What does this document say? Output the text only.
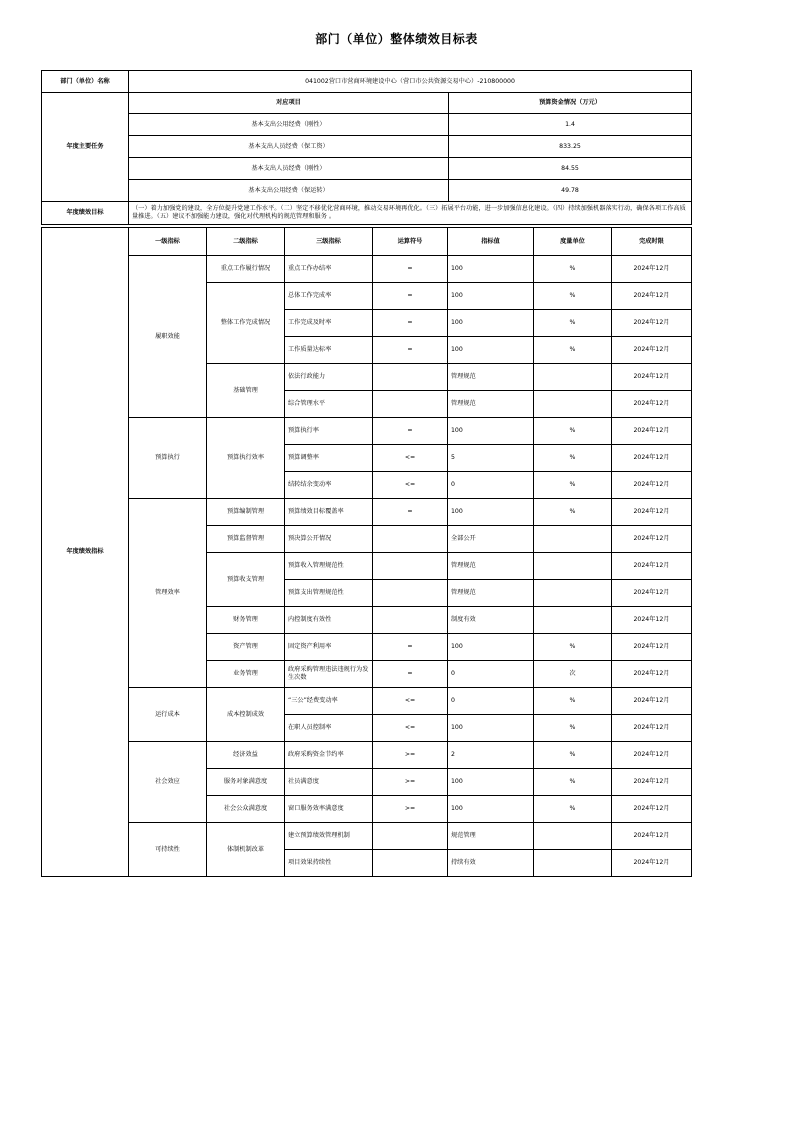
部门（单位）整体绩效目标表
部门（单位）名称	041002营口市营商环境建设中心（营口市公共资源交易中心）-210800000	
年度主要任务	对应项目	预算资金情况（万元）
	基本支出公用经费（刚性）	1.4
	基本支出人员经费（保工资）	833.25
	基本支出人员经费（刚性）	84.55
	基本支出公用经费（保运转）	49.78
年度绩效目标	（一）着力加强党的建设，全方位提升党建工作水平。（二）坚定不移优化营商环境，推动交易环境再优化。（三）拓展平台功能，进一步加强信息化建设。（四）持续加强机器落实行动，确保各项工作高质量推进。（五）建议不加强能力建设，强化对代理机构的规范管理和服务 。	
年度绩效指标	一级指标	二级指标	三级指标	运算符号	指标值	度量单位	完成时限
	履职效能	重点工作履行情况	重点工作办结率	=	100	%	2024年12月
		整体工作完成情况	总体工作完成率	=	100	%	2024年12月
			工作完成及时率	=	100	%	2024年12月
			工作质量达标率	=	100	%	2024年12月
		基础管理	依法行政能力		管理规范		2024年12月
			综合管理水平		管理规范		2024年12月
	预算执行	预算执行效率	预算执行率	=	100	%	2024年12月
			预算调整率	<=	5	%	2024年12月
			结转结余变动率	<=	0	%	2024年12月
	管理效率	预算编制管理	预算绩效目标覆盖率	=	100	%	2024年12月
		预算监督管理	预决算公开情况		全部公开		2024年12月
		预算收支管理	预算收入管理规范性		管理规范		2024年12月
			预算支出管理规范性		管理规范		2024年12月
		财务管理	内控制度有效性		制度有效		2024年12月
		资产管理	固定资产利用率	=	100	%	2024年12月
		业务管理	政府采购管理违法违规行为发生次数	=	0	次	2024年12月
	运行成本	成本控制成效	“三公”经费变动率	<=	0	%	2024年12月
			在职人员控制率	<=	100	%	2024年12月
	社会效应	经济效益	政府采购资金节约率	>=	2	%	2024年12月
		服务对象满意度	社员满意度	>=	100	%	2024年12月
		社会公众满意度	窗口服务效率满意度	>=	100	%	2024年12月
	可持续性	体制机制改革	建立预算绩效管理机制		规范管理		2024年12月
			项目效果持续性		持续有效		2024年12月
